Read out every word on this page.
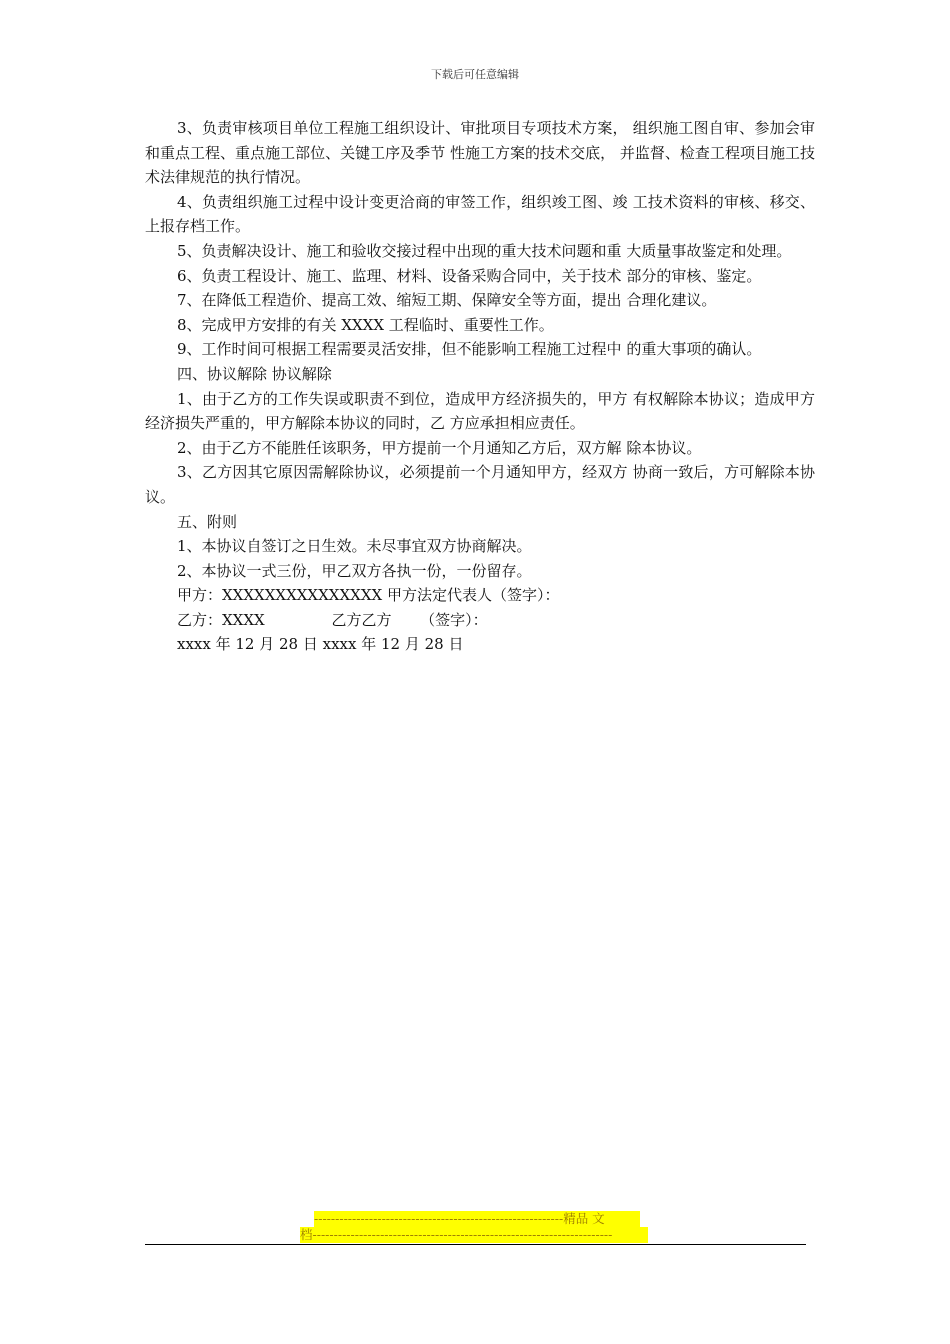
下载后可任意编辑

3、负责审核项目单位工程施工组织设计、审批项目专项技术方案， 组织施工图自审、参加会审和重点工程、重点施工部位、关键工序及季节 性施工方案的技术交底， 并监督、检查工程项目施工技术法律规范的执行情况。

4、负责组织施工过程中设计变更洽商的审签工作，组织竣工图、竣 工技术资料的审核、移交、上报存档工作。

5、负责解决设计、施工和验收交接过程中出现的重大技术问题和重 大质量事故鉴定和处理。

6、负责工程设计、施工、监理、材料、设备采购合同中，关于技术 部分的审核、鉴定。

7、在降低工程造价、提高工效、缩短工期、保障安全等方面，提出 合理化建议。

8、完成甲方安排的有关 XXXX 工程临时、重要性工作。

9、工作时间可根据工程需要灵活安排，但不能影响工程施工过程中 的重大事项的确认。

四、协议解除 协议解除

1、由于乙方的工作失误或职责不到位，造成甲方经济损失的，甲方 有权解除本协议；造成甲方经济损失严重的，甲方解除本协议的同时，乙 方应承担相应责任。

2、由于乙方不能胜任该职务，甲方提前一个月通知乙方后，双方解 除本协议。

3、乙方因其它原因需解除协议，必须提前一个月通知甲方，经双方 协商一致后，方可解除本协议。

五、附则

1、本协议自签订之日生效。未尽事宜双方协商解决。

2、本协议一式三份，甲乙双方各执一份，一份留存。

甲方：XXXXXXXXXXXXXXX 甲方法定代表人（签字）：

乙方：XXXX              乙方乙方      （签字）：

xxxx 年 12 月 28 日 xxxx 年 12 月 28 日

-----------------------------------------------------------精品 文
档-----------------------------------------------------------------------
